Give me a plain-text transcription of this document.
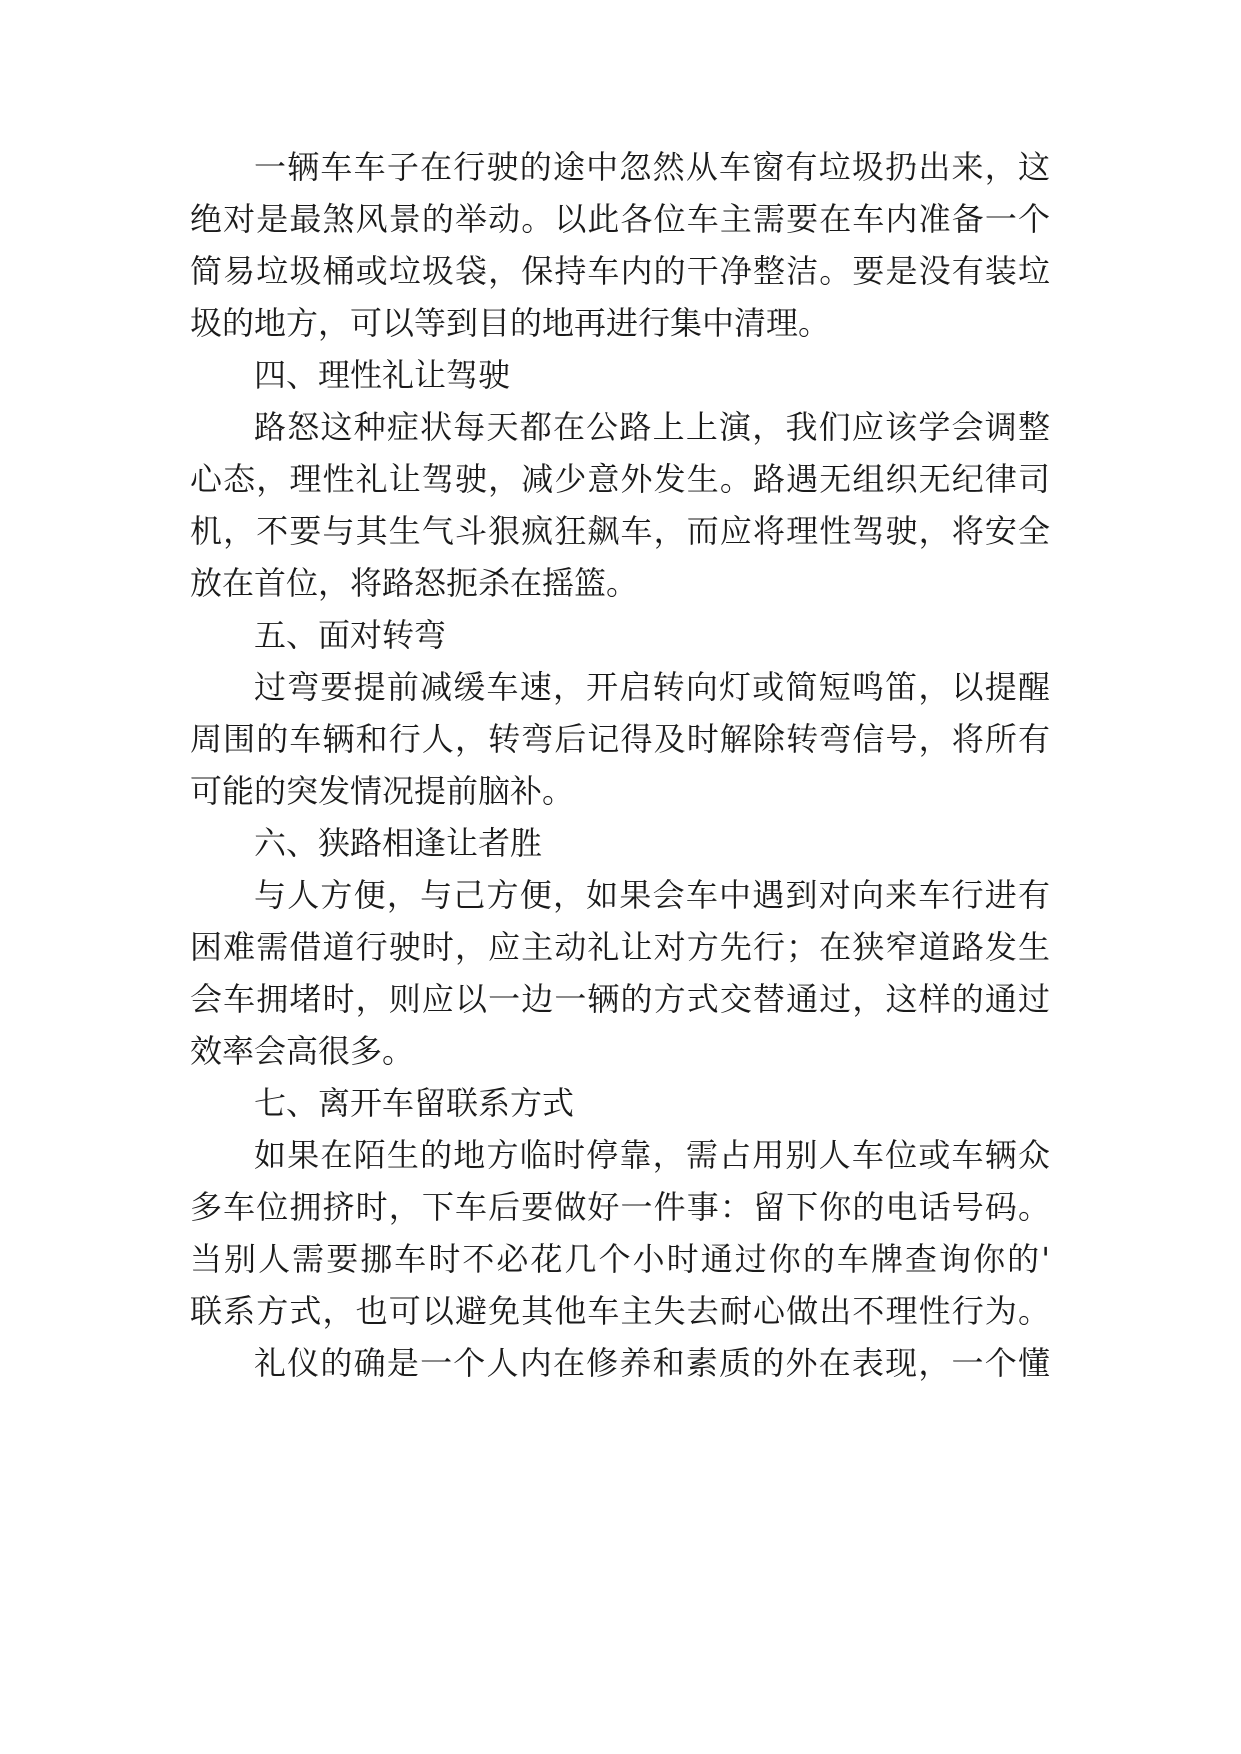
一辆车车子在行驶的途中忽然从车窗有垃圾扔出来，这
绝对是最煞风景的举动。以此各位车主需要在车内准备一个
简易垃圾桶或垃圾袋，保持车内的干净整洁。要是没有装垃
圾的地方，可以等到目的地再进行集中清理。
四、理性礼让驾驶
路怒这种症状每天都在公路上上演，我们应该学会调整
心态，理性礼让驾驶，减少意外发生。路遇无组织无纪律司
机，不要与其生气斗狠疯狂飙车，而应将理性驾驶，将安全
放在首位，将路怒扼杀在摇篮。
五、面对转弯
过弯要提前减缓车速，开启转向灯或简短鸣笛，以提醒
周围的车辆和行人，转弯后记得及时解除转弯信号，将所有
可能的突发情况提前脑补。
六、狭路相逢让者胜
与人方便，与己方便，如果会车中遇到对向来车行进有
困难需借道行驶时，应主动礼让对方先行；在狭窄道路发生
会车拥堵时，则应以一边一辆的方式交替通过，这样的通过
效率会高很多。
七、离开车留联系方式
如果在陌生的地方临时停靠，需占用别人车位或车辆众
多车位拥挤时，下车后要做好一件事：留下你的电话号码。
当别人需要挪车时不必花几个小时通过你的车牌查询你的'
联系方式，也可以避免其他车主失去耐心做出不理性行为。
礼仪的确是一个人内在修养和素质的外在表现，一个懂
